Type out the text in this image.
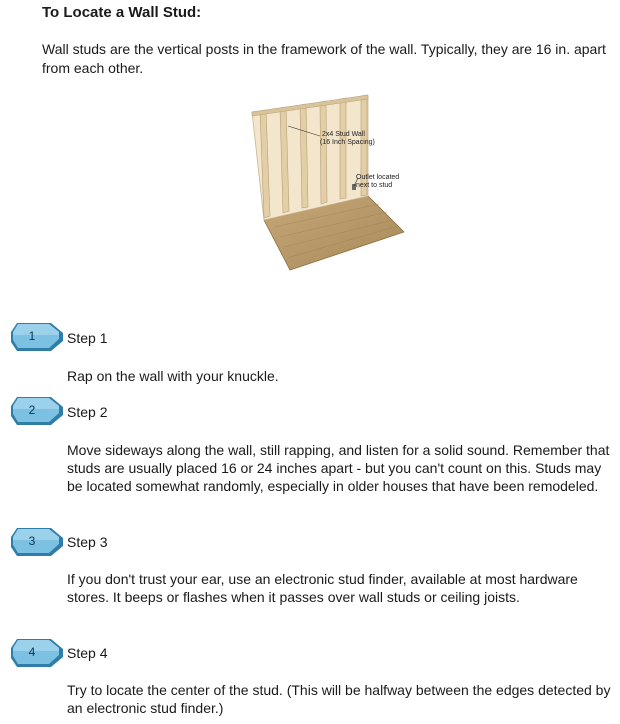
To Locate a Wall Stud:
Wall studs are the vertical posts in the framework of the wall. Typically, they are 16 in. apart from each other.
2x4 Stud Wall
(16 Inch Spacing)
Outlet located
next to stud
1	Step 1
Rap on the wall with your knuckle.
2	Step 2
Move sideways along the wall, still rapping, and listen for a solid sound. Remember that studs are usually placed 16 or 24 inches apart - but you can't count on this. Studs may be located somewhat randomly, especially in older houses that have been remodeled.
3	Step 3
If you don't trust your ear, use an electronic stud finder, available at most hardware stores. It beeps or flashes when it passes over wall studs or ceiling joists.
4	Step 4
Try to locate the center of the stud. (This will be halfway between the edges detected by an electronic stud finder.)
